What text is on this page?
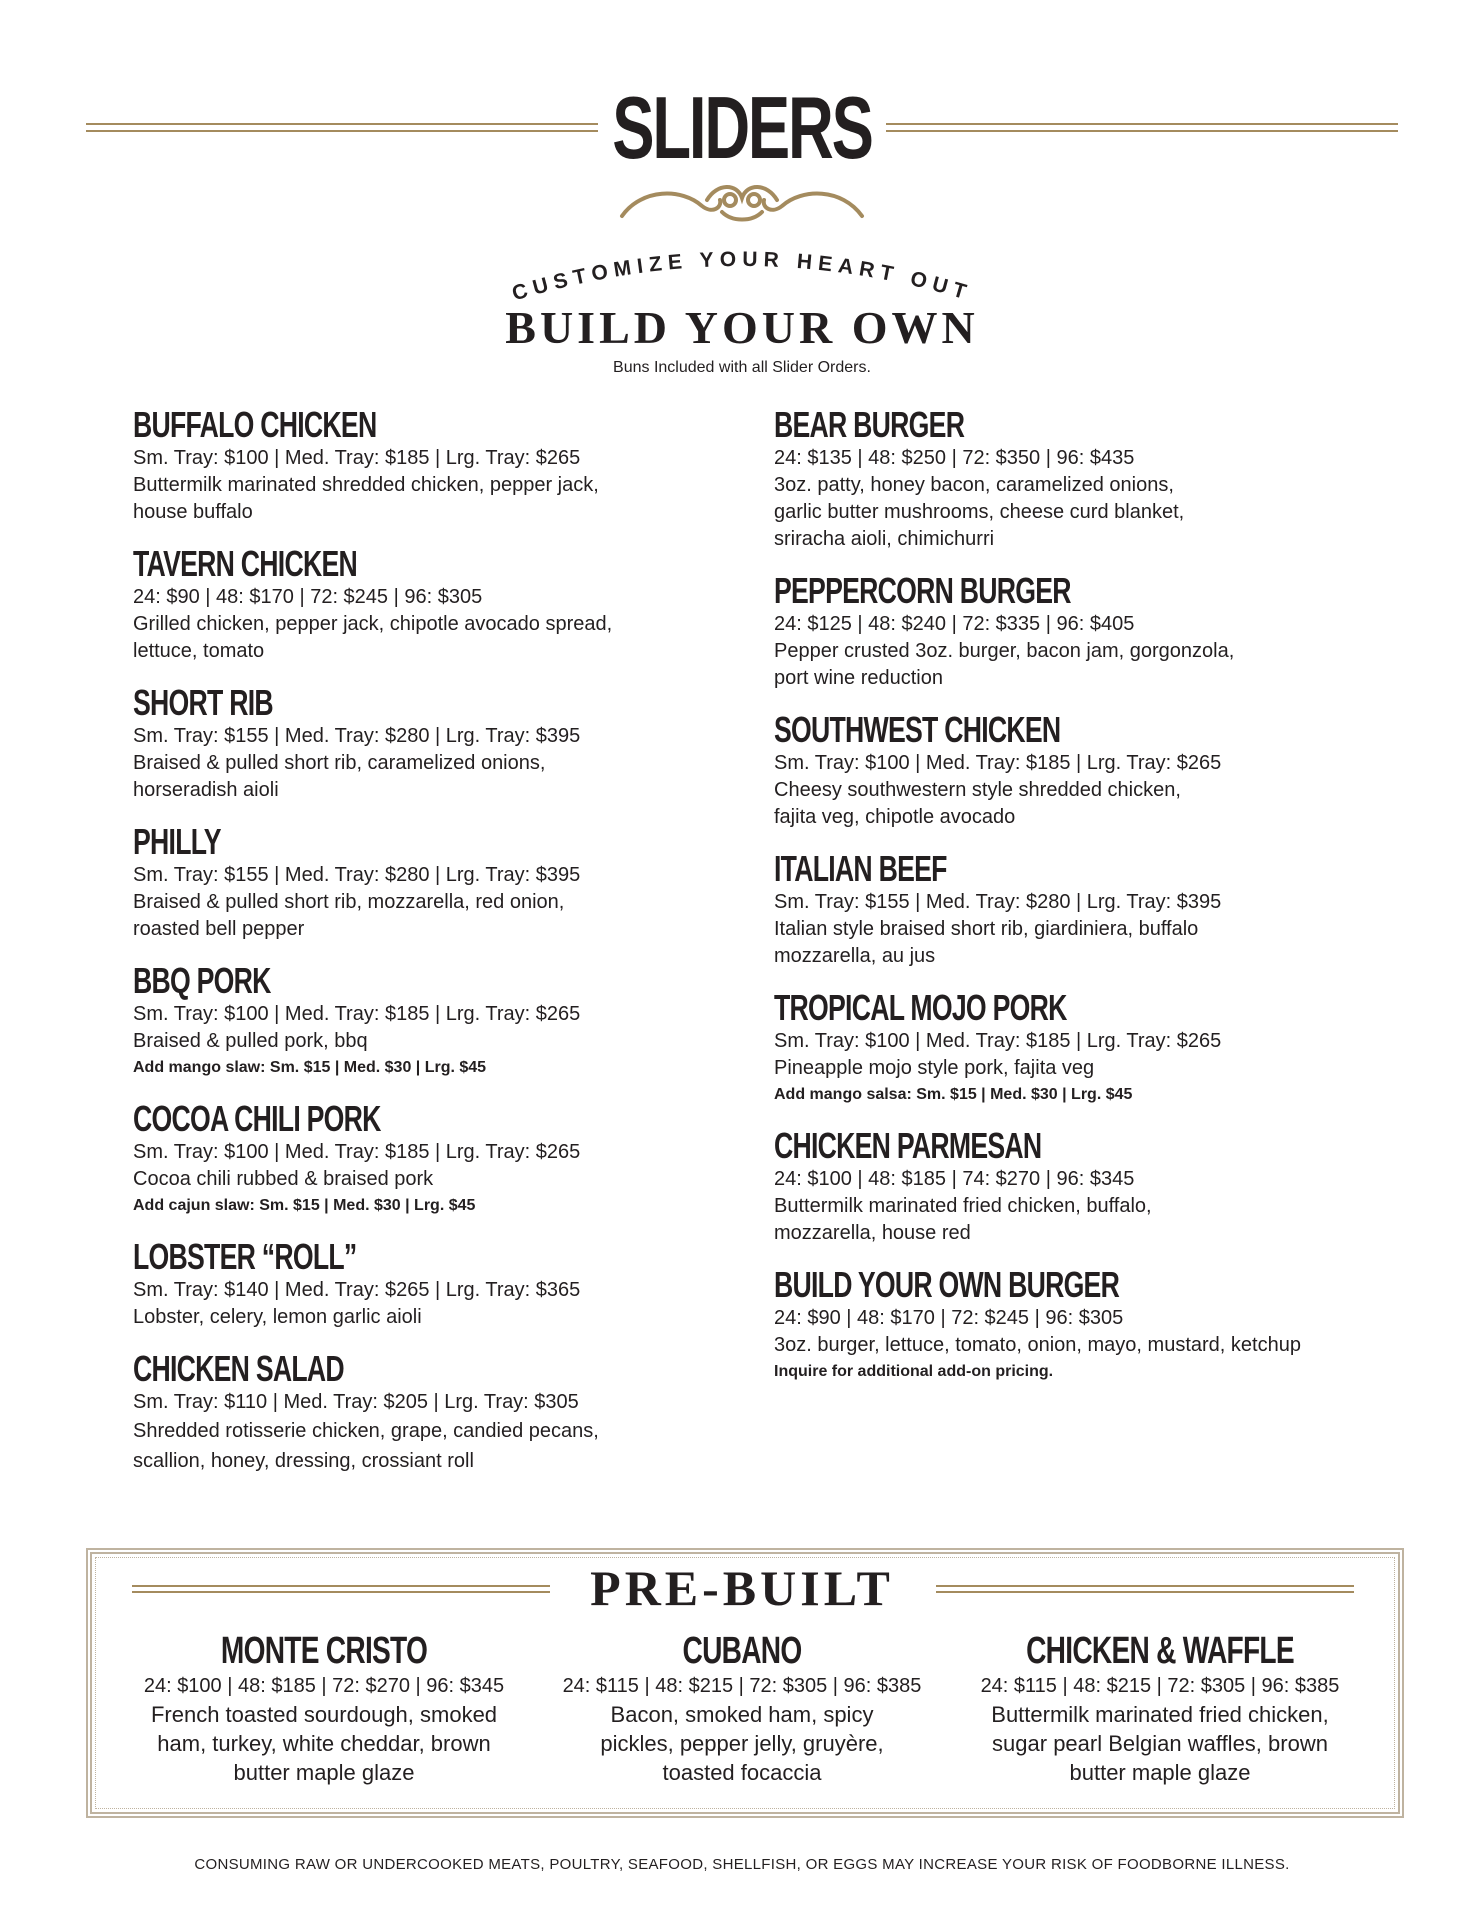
SLIDERS
CUSTOMIZE YOUR HEART OUT
BUILD YOUR OWN
Buns Included with all Slider Orders.
BUFFALO CHICKEN
Sm. Tray: $100 | Med. Tray: $185 | Lrg. Tray: $265
Buttermilk marinated shredded chicken, pepper jack,
house buffalo
TAVERN CHICKEN
24: $90 | 48: $170 | 72: $245 | 96: $305
Grilled chicken, pepper jack, chipotle avocado spread,
lettuce, tomato
SHORT RIB
Sm. Tray: $155 | Med. Tray: $280 | Lrg. Tray: $395
Braised & pulled short rib, caramelized onions,
horseradish aioli
PHILLY
Sm. Tray: $155 | Med. Tray: $280 | Lrg. Tray: $395
Braised & pulled short rib, mozzarella, red onion,
roasted bell pepper
BBQ PORK
Sm. Tray: $100 | Med. Tray: $185 | Lrg. Tray: $265
Braised & pulled pork, bbq
Add mango slaw: Sm. $15 | Med. $30 | Lrg. $45
COCOA CHILI PORK
Sm. Tray: $100 | Med. Tray: $185 | Lrg. Tray: $265
Cocoa chili rubbed & braised pork
Add cajun slaw: Sm. $15 | Med. $30 | Lrg. $45
LOBSTER “ROLL”
Sm. Tray: $140 | Med. Tray: $265 | Lrg. Tray: $365
Lobster, celery, lemon garlic aioli
CHICKEN SALAD
Sm. Tray: $110 | Med. Tray: $205 | Lrg. Tray: $305
Shredded rotisserie chicken, grape, candied pecans,
scallion, honey, dressing, crossiant roll
BEAR BURGER
24: $135 | 48: $250 | 72: $350 | 96: $435
3oz. patty, honey bacon, caramelized onions,
garlic butter mushrooms, cheese curd blanket,
sriracha aioli, chimichurri
PEPPERCORN BURGER
24: $125 | 48: $240 | 72: $335 | 96: $405
Pepper crusted 3oz. burger, bacon jam, gorgonzola,
port wine reduction
SOUTHWEST CHICKEN
Sm. Tray: $100 | Med. Tray: $185 | Lrg. Tray: $265
Cheesy southwestern style shredded chicken,
fajita veg, chipotle avocado
ITALIAN BEEF
Sm. Tray: $155 | Med. Tray: $280 | Lrg. Tray: $395
Italian style braised short rib, giardiniera, buffalo
mozzarella, au jus
TROPICAL MOJO PORK
Sm. Tray: $100 | Med. Tray: $185 | Lrg. Tray: $265
Pineapple mojo style pork, fajita veg
Add mango salsa: Sm. $15 | Med. $30 | Lrg. $45
CHICKEN PARMESAN
24: $100 | 48: $185 | 74: $270 | 96: $345
Buttermilk marinated fried chicken, buffalo,
mozzarella, house red
BUILD YOUR OWN BURGER
24: $90 | 48: $170 | 72: $245 | 96: $305
3oz. burger, lettuce, tomato, onion, mayo, mustard, ketchup
Inquire for additional add-on pricing.
PRE-BUILT
MONTE CRISTO
24: $100 | 48: $185 | 72: $270 | 96: $345
French toasted sourdough, smoked
ham, turkey, white cheddar, brown
butter maple glaze
CUBANO
24: $115 | 48: $215 | 72: $305 | 96: $385
Bacon, smoked ham, spicy
pickles, pepper jelly, gruyère,
toasted focaccia
CHICKEN & WAFFLE
24: $115 | 48: $215 | 72: $305 | 96: $385
Buttermilk marinated fried chicken,
sugar pearl Belgian waffles, brown
butter maple glaze
CONSUMING RAW OR UNDERCOOKED MEATS, POULTRY, SEAFOOD, SHELLFISH, OR EGGS MAY INCREASE YOUR RISK OF FOODBORNE ILLNESS.
